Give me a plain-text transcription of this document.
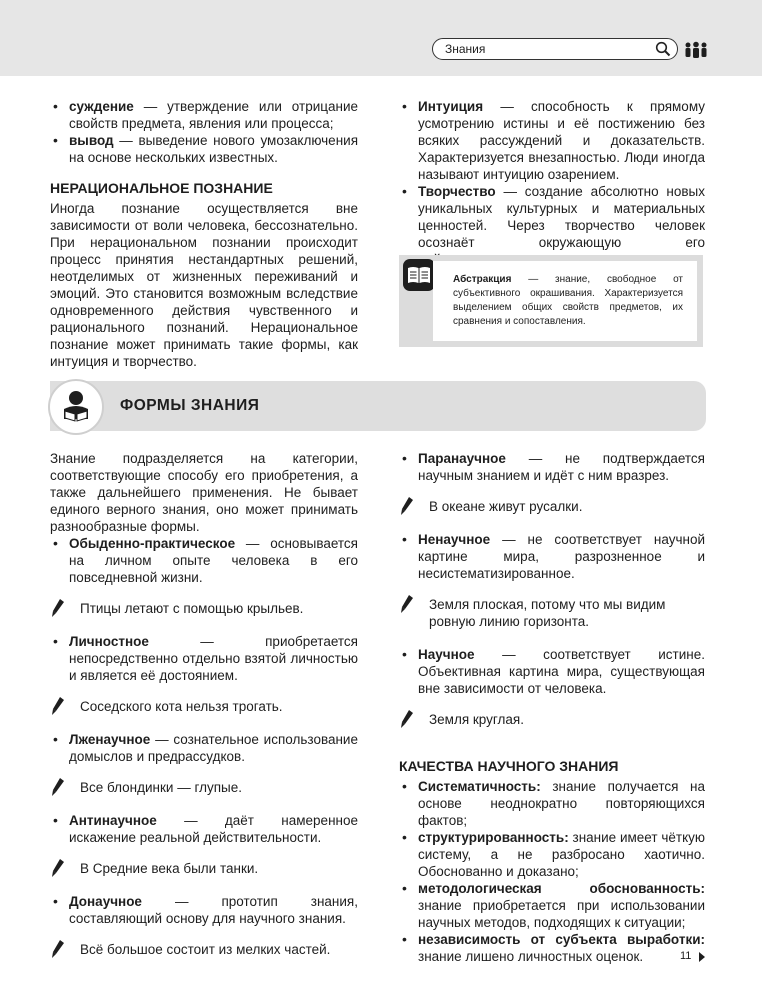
Знания

• суждение — утверждение или отрицание свойств предмета, явления или процесса;

• вывод — выведение нового умозаключения на основе нескольких известных.

НЕРАЦИОНАЛЬНОЕ ПОЗНАНИЕ

Иногда познание осуществляется вне зависимости от воли человека, бессознательно. При нерациональном познании происходит процесс принятия нестандартных решений, неотделимых от жизненных переживаний и эмоций. Это становится возможным вследствие одновременного действия чувственного и рационального познаний. Нерациональное познание может принимать такие формы, как интуиция и творчество.

• Интуиция — способность к прямому усмотрению истины и её постижению без всяких рассуждений и доказательств. Характеризуется внезапностью. Люди иногда называют интуицию озарением.

• Творчество — создание абсолютно новых уникальных культурных и материальных ценностей. Через творчество человек осознаёт окружающую его

Абстракция — знание, свободное от субъективного окрашивания. Характеризуется выделением общих свойств предметов, их сравнения и сопоставления.
ФОРМЫ ЗНАНИЯ

Знание подразделяется на категории, соответствующие способу его приобретения, а также дальнейшего применения. Не бывает единого верного знания, оно может принимать разнообразные формы.

• Обыденно-практическое — основывается на личном опыте человека в его повседневной жизни.

Птицы летают с помощью крыльев.

• Личностное — приобретается непосредственно отдельно взятой личностью и является её достоянием.

Соседского кота нельзя трогать.

• Лженаучное — сознательное использование домыслов и предрассудков.

Все блондинки — глупые.

• Антинаучное — даёт намеренное искажение реальной действительности.

В Средние века были танки.

• Донаучное — прототип знания, составляющий основу для научного знания.

Всё большое состоит из мелких частей.

• Паранаучное — не подтверждается научным знанием и идёт с ним вразрез.

В океане живут русалки.

• Ненаучное — не соответствует научной картине мира, разрозненное и несистематизированное.

Земля плоская, потому что мы видим ровную линию горизонта.

• Научное — соответствует истине. Объективная картина мира, существующая вне зависимости от человека.

Земля круглая.
КАЧЕСТВА НАУЧНОГО ЗНАНИЯ

• Систематичность: знание получается на основе неоднократно повторяющихся фактов;

• структурированность: знание имеет чёткую систему, а не разбросано хаотично. Обоснованно и доказано;

• методологическая обоснованность: знание приобретается при использовании научных методов, подходящих к ситуации;

• независимость от субъекта выработки: знание лишено личностных оценок.	11
